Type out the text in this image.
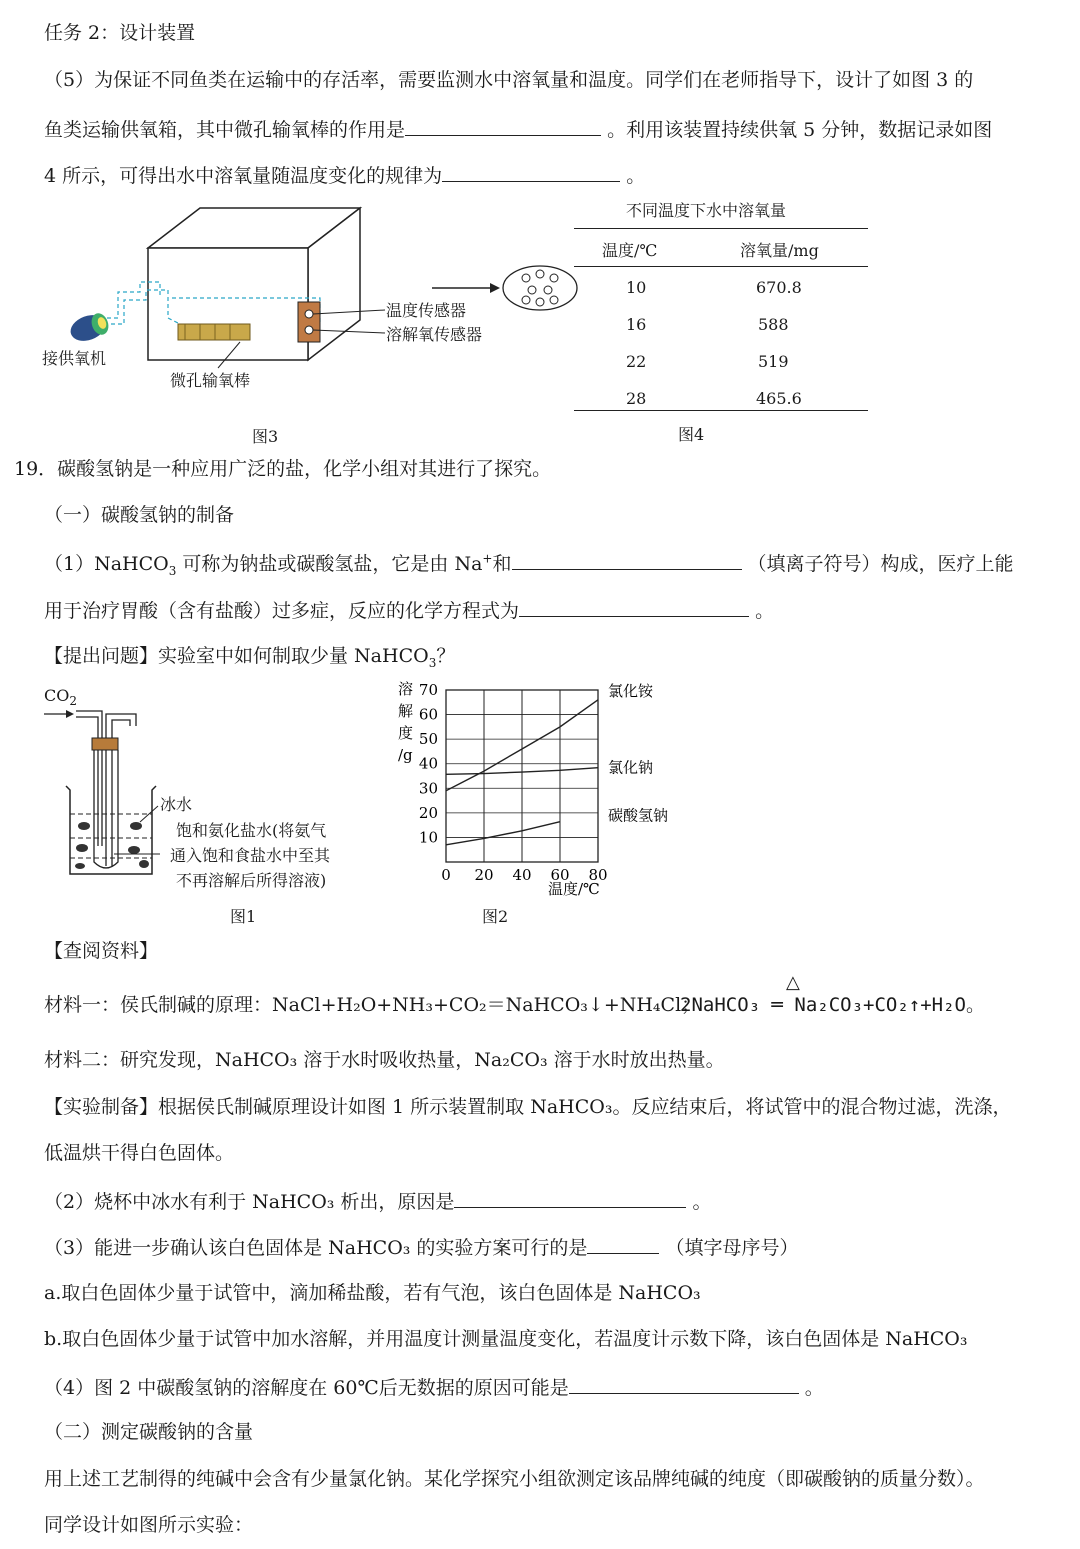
任务 2：设计装置
（5）为保证不同鱼类在运输中的存活率，需要监测水中溶氧量和温度。同学们在老师指导下，设计了如图 3 的
鱼类运输供氧箱，其中微孔输氧棒的作用是	。利用该装置持续供氧 5 分钟，数据记录如图
4 所示，可得出水中溶氧量随温度变化的规律为	。
温度传感器
溶解氧传感器
接供氧机
微孔输氧棒
图3
不同温度下水中溶氧量
温度/℃	溶氧量/mg
10	670.8
16	588
22	519
28	465.6
图4
19．碳酸氢钠是一种应用广泛的盐，化学小组对其进行了探究。
（一）碳酸氢钠的制备
（1）NaHCO$_3$ 可称为钠盐或碳酸氢盐，它是由 Na+和	（填离子符号）构成，医疗上能
用于治疗胃酸（含有盐酸）过多症，反应的化学方程式为	。
【提出问题】实验室中如何制取少量 NaHCO$_3$？
$CO_2$
冰水
饱和氨化盐水(将氨气
通入饱和食盐水中至其
不再溶解后所得溶液)
图1
氯化铵
氯化钠
碳酸氢钠
70
60
50
40
30
20
10
0 20 40 60 80
溶
解
度
/g
温度/℃
图2
【查阅资料】
材料一：侯氏制碱的原理：NaCl+H₂O+NH₃+CO₂＝NaHCO₃↓+NH₄Cl；
2NaHCO₃ ═ Na₂CO₃+CO₂↑+H₂O。
△
材料二：研究发现，NaHCO₃ 溶于水时吸收热量，Na₂CO₃ 溶于水时放出热量。
【实验制备】根据侯氏制碱原理设计如图 1 所示装置制取 NaHCO₃。反应结束后，将试管中的混合物过滤，洗涤，
低温烘干得白色固体。
（2）烧杯中冰水有利于 NaHCO₃ 析出，原因是	。
（3）能进一步确认该白色固体是 NaHCO₃ 的实验方案可行的是	（填字母序号）
a.取白色固体少量于试管中，滴加稀盐酸，若有气泡，该白色固体是 NaHCO₃
b.取白色固体少量于试管中加水溶解，并用温度计测量温度变化，若温度计示数下降，该白色固体是 NaHCO₃
（4）图 2 中碳酸氢钠的溶解度在 60℃后无数据的原因可能是	。
（二）测定碳酸钠的含量
用上述工艺制得的纯碱中会含有少量氯化钠。某化学探究小组欲测定该品牌纯碱的纯度（即碳酸钠的质量分数）。
同学设计如图所示实验：
